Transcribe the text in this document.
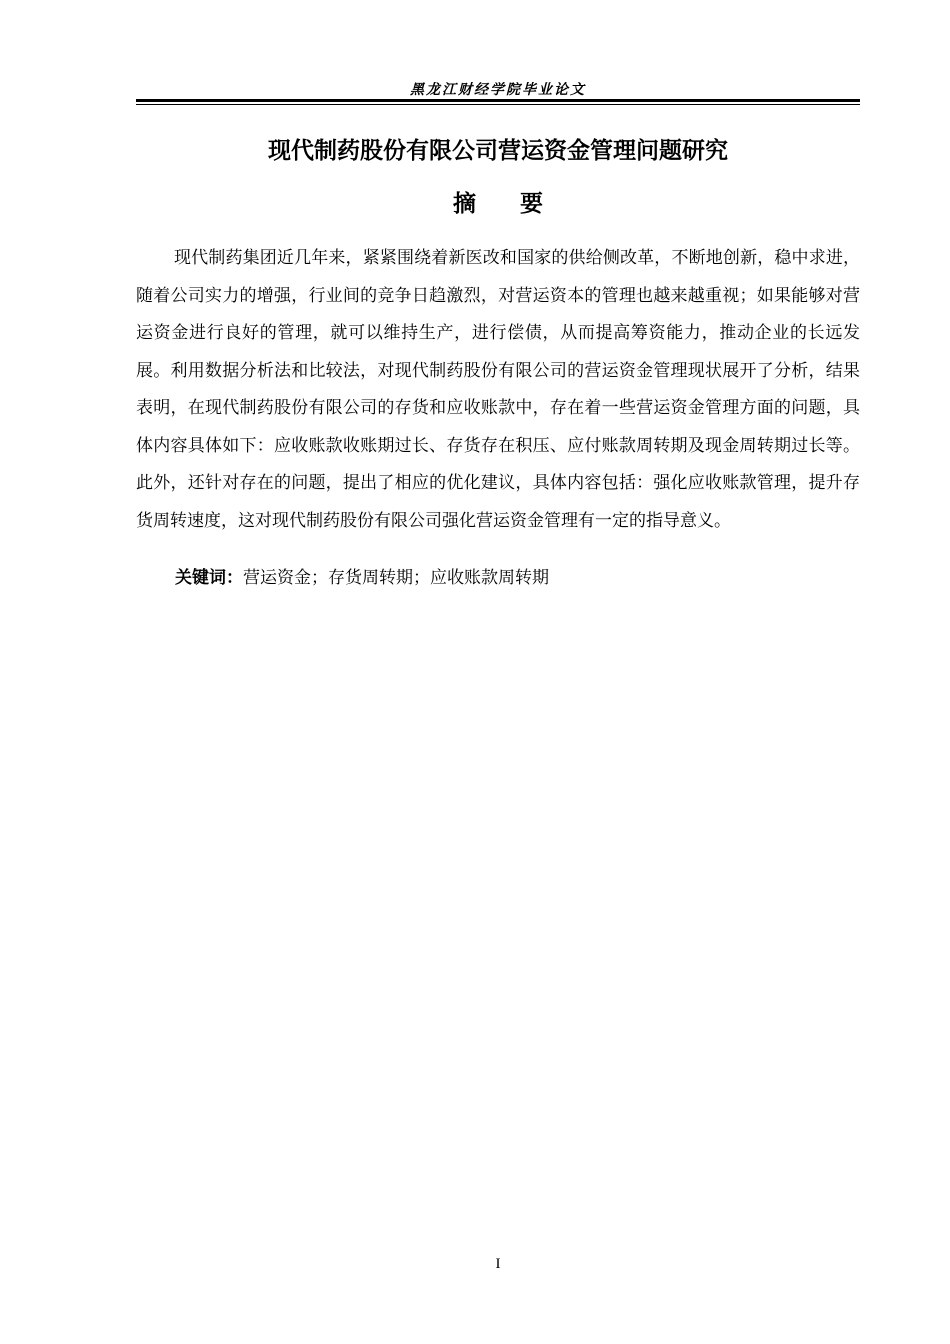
黑龙江财经学院毕业论文
现代制药股份有限公司营运资金管理问题研究
摘要

现代制药集团近几年来，紧紧围绕着新医改和国家的供给侧改革，不断地创新，稳中求进，随着公司实力的增强，行业间的竞争日趋激烈，对营运资本的管理也越来越重视；如果能够对营运资金进行良好的管理，就可以维持生产，进行偿债，从而提高筹资能力，推动企业的长远发展。利用数据分析法和比较法，对现代制药股份有限公司的营运资金管理现状展开了分析，结果表明，在现代制药股份有限公司的存货和应收账款中，存在着一些营运资金管理方面的问题，具体内容具体如下：应收账款收账期过长、存货存在积压、应付账款周转期及现金周转期过长等。此外，还针对存在的问题，提出了相应的优化建议，具体内容包括：强化应收账款管理，提升存货周转速度，这对现代制药股份有限公司强化营运资金管理有一定的指导意义。

关键词：营运资金；存货周转期；应收账款周转期
I
